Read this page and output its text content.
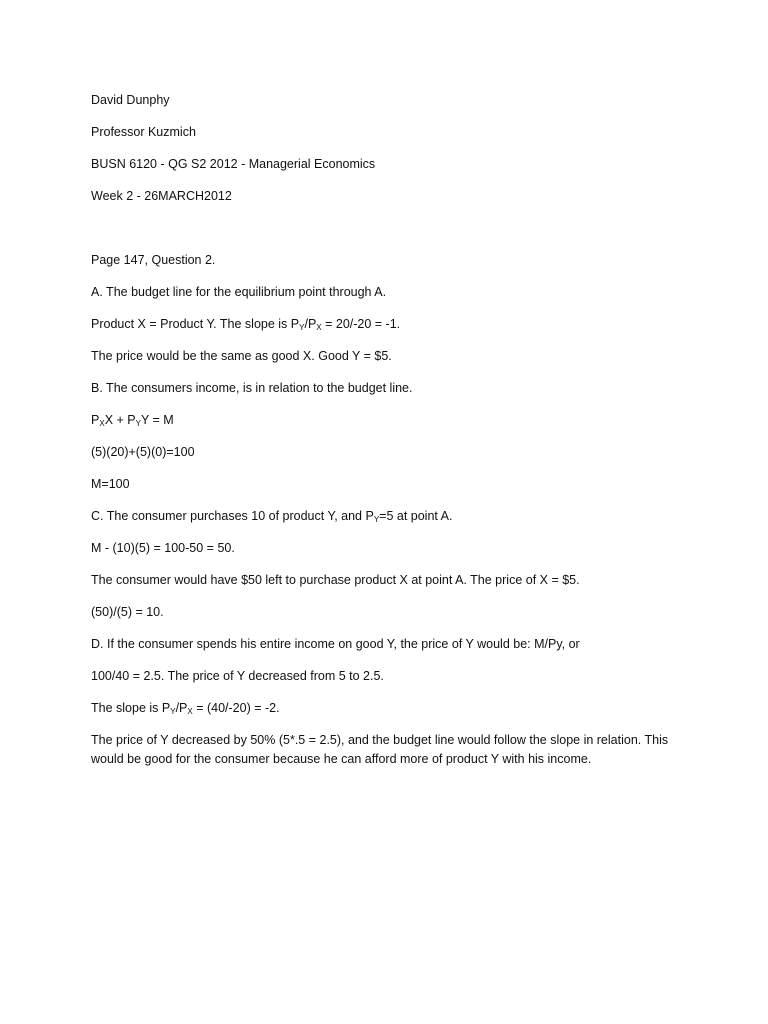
David Dunphy
Professor Kuzmich
BUSN 6120 - QG S2 2012 - Managerial Economics
Week 2 - 26MARCH2012
Page 147, Question 2.
A. The budget line for the equilibrium point through A.
Product X = Product Y. The slope is $P_Y/P_X = 20/-20 = -1$.
The price would be the same as good X. Good Y = $5.
B. The consumers income, is in relation to the budget line.
$P_XX + P_YY = M$
(5)(20)+(5)(0)=100
M=100
C. The consumer purchases 10 of product Y, and $P_Y=5$ at point A.
M - (10)(5) = 100-50 = 50.
The consumer would have $50 left to purchase product X at point A. The price of X = $5.
(50)/(5) = 10.
D. If the consumer spends his entire income on good Y, the price of Y would be: M/Py, or
100/40 = 2.5. The price of Y decreased from 5 to 2.5.
The slope is $P_Y/P_X = (40/-20) = -2$.
The price of Y decreased by 50% (5*.5 = 2.5), and the budget line would follow the slope in relation. This would be good for the consumer because he can afford more of product Y with his income.
